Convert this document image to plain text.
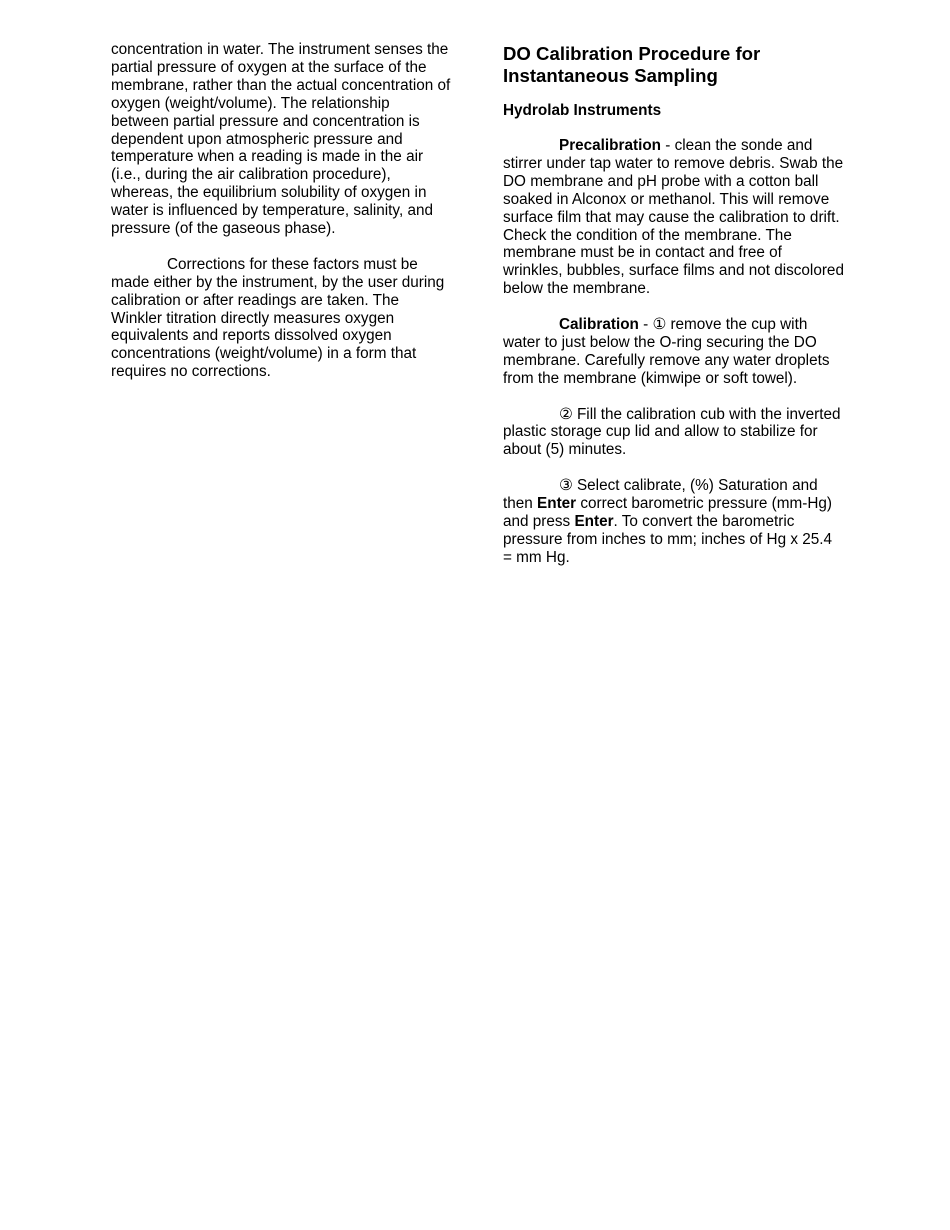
concentration in water. The instrument senses the partial pressure of oxygen at the surface of the membrane, rather than the actual concentration of oxygen (weight/volume). The relationship between partial pressure and concentration is dependent upon atmospheric pressure and temperature when a reading is made in the air (i.e., during the air calibration procedure), whereas, the equilibrium solubility of oxygen in water is influenced by temperature, salinity, and pressure (of the gaseous phase).

Corrections for these factors must be made either by the instrument, by the user during calibration or after readings are taken. The Winkler titration directly measures oxygen equivalents and reports dissolved oxygen concentrations (weight/volume) in a form that requires no corrections.

DO Calibration Procedure for Instantaneous Sampling
Hydrolab Instruments

Precalibration - clean the sonde and stirrer under tap water to remove debris. Swab the DO membrane and pH probe with a cotton ball soaked in Alconox or methanol. This will remove surface film that may cause the calibration to drift. Check the condition of the membrane. The membrane must be in contact and free of wrinkles, bubbles, surface films and not discolored below the membrane.

Calibration - ① remove the cup with water to just below the O-ring securing the DO membrane. Carefully remove any water droplets from the membrane (kimwipe or soft towel).

② Fill the calibration cub with the inverted plastic storage cup lid and allow to stabilize for about (5) minutes.

③ Select calibrate, (%) Saturation and then Enter correct barometric pressure (mm-Hg) and press Enter. To convert the barometric pressure from inches to mm; inches of Hg x 25.4 = mm Hg.
